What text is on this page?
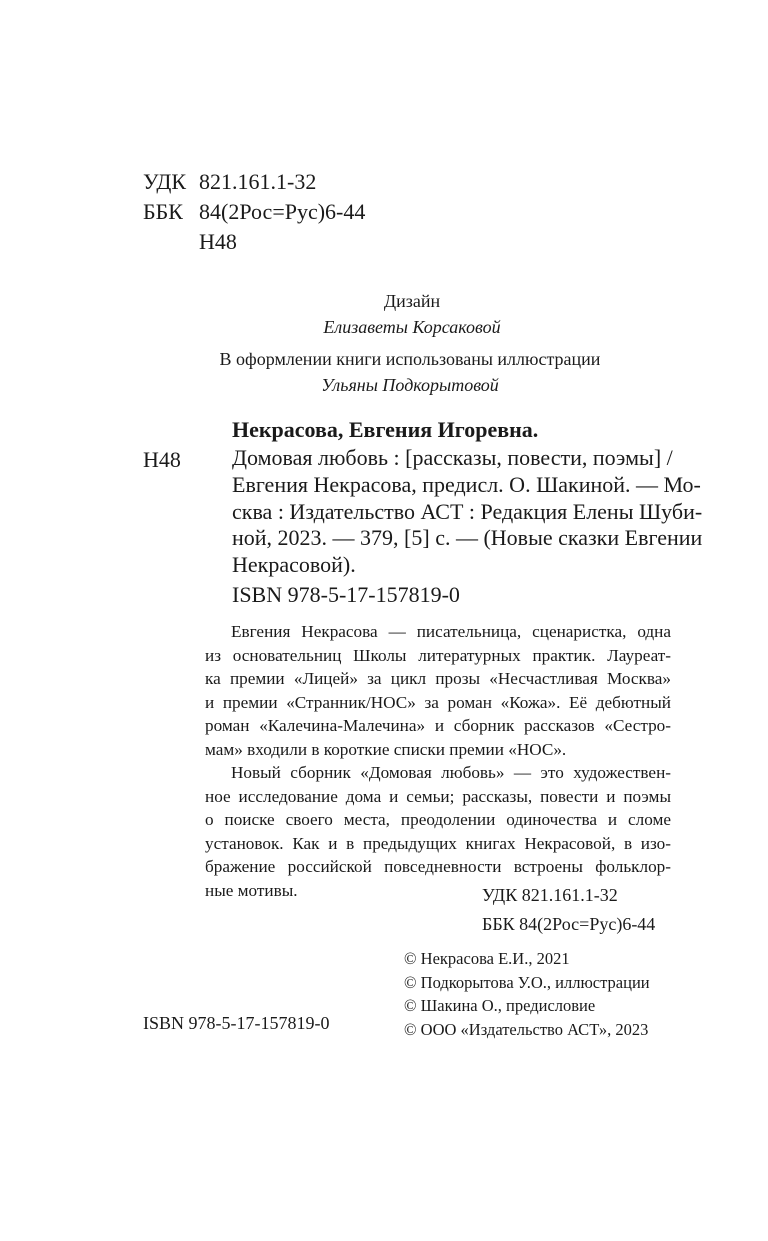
УДК 821.161.1-32
ББК 84(2Рос=Рус)6-44
Н48
Дизайн
Елизаветы Корсаковой
В оформлении книги использованы иллюстрации
Ульяны Подкорытовой
Некрасова, Евгения Игоревна.
Н48 Домовая любовь : [рассказы, повести, поэмы] /
Евгения Некрасова, предисл. О. Шакиной. — Мо-
сква : Издательство АСТ : Редакция Елены Шуби-
ной, 2023. — 379, [5] с. — (Новые сказки Евгении
Некрасовой).
ISBN 978-5-17-157819-0
Евгения Некрасова — писательница, сценаристка, одна
из основательниц Школы литературных практик. Лауреат-
ка премии «Лицей» за цикл прозы «Несчастливая Москва»
и премии «Странник/НОС» за роман «Кожа». Её дебютный
роман «Калечина-Малечина» и сборник рассказов «Сестро-
мам» входили в короткие списки премии «НОС».
Новый сборник «Домовая любовь» — это художествен-
ное исследование дома и семьи; рассказы, повести и поэмы
о поиске своего места, преодолении одиночества и сломе
установок. Как и в предыдущих книгах Некрасовой, в изо-
бражение российской повседневности встроены фольклор-
ные мотивы.	УДК 821.161.1-32
ББК 84(2Рос=Рус)6-44
© Некрасова Е.И., 2021
© Подкорытова У.О., иллюстрации
© Шакина О., предисловие
© ООО «Издательство АСТ», 2023
ISBN 978-5-17-157819-0
